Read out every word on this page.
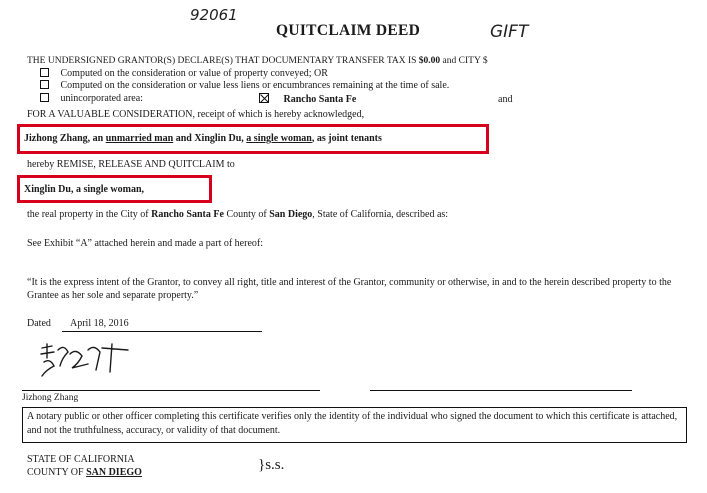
92061
QUITCLAIM DEED	GIFT
THE UNDERSIGNED GRANTOR(S) DECLARE(S) THAT DOCUMENTARY TRANSFER TAX IS $0.00 and CITY $
Computed on the consideration or value of property conveyed; OR
Computed on the consideration or value less liens or encumbrances remaining at the time of sale.
unincorporated area:	Rancho Santa Fe	and
FOR A VALUABLE CONSIDERATION, receipt of which is hereby acknowledged,
Jizhong Zhang, an unmarried man and Xinglin Du, a single woman, as joint tenants
hereby REMISE, RELEASE AND QUITCLAIM to
Xinglin Du, a single woman,
the real property in the City of Rancho Santa Fe County of San Diego, State of California, described as:
See Exhibit “A” attached herein and made a part of hereof:
“It is the express intent of the Grantor, to convey all right, title and interest of the Grantor, community or otherwise, in and to the herein described property to the Grantee as her sole and separate property.”
Dated April 18, 2016
Jizhong Zhang
A notary public or other officer completing this certificate verifies only the identity of the individual who signed the document to which this certificate is attached, and not the truthfulness, accuracy, or validity of that document.
STATE OF CALIFORNIA
COUNTY OF SAN DIEGO	}s.s.
